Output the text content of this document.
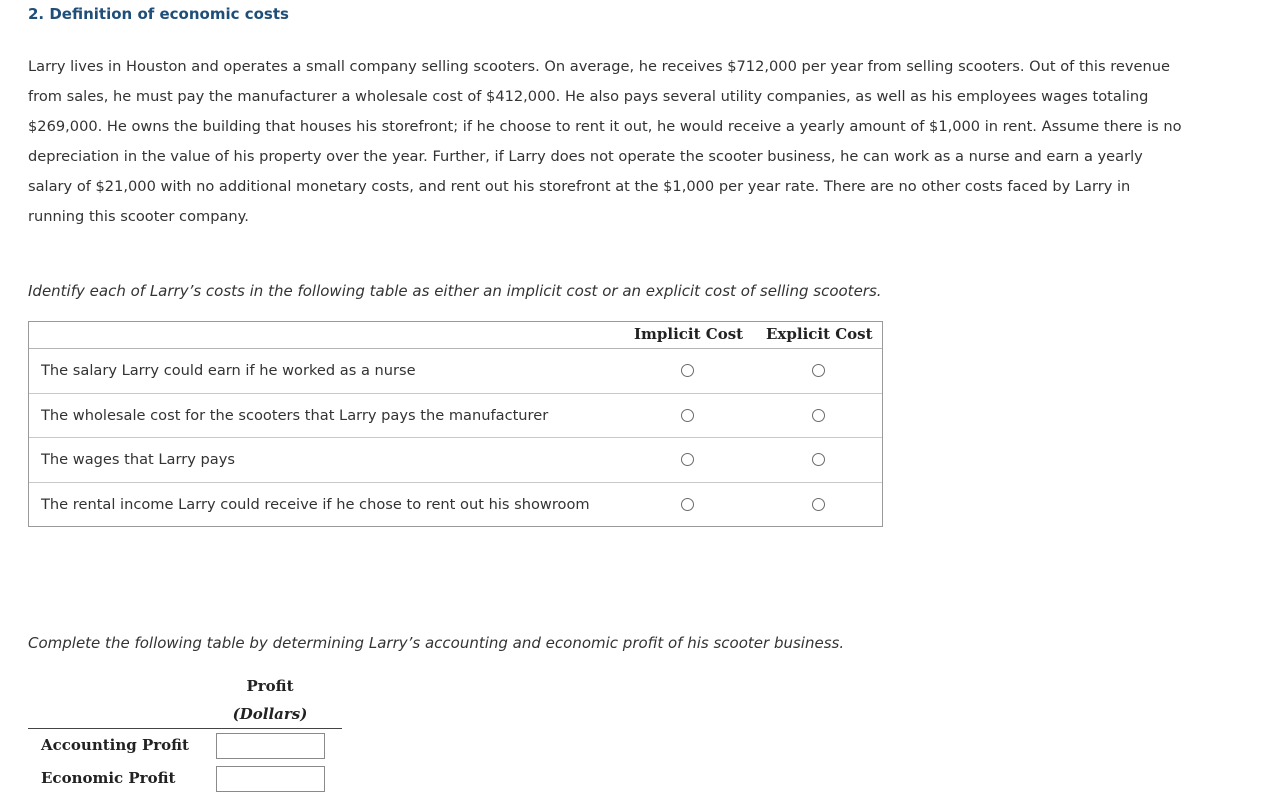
2. Definition of economic costs
Larry lives in Houston and operates a small company selling scooters. On average, he receives $712,000 per year from selling scooters. Out of this revenue from sales, he must pay the manufacturer a wholesale cost of $412,000. He also pays several utility companies, as well as his employees wages totaling $269,000. He owns the building that houses his storefront; if he choose to rent it out, he would receive a yearly amount of $1,000 in rent. Assume there is no depreciation in the value of his property over the year. Further, if Larry does not operate the scooter business, he can work as a nurse and earn a yearly salary of $21,000 with no additional monetary costs, and rent out his storefront at the $1,000 per year rate. There are no other costs faced by Larry in running this scooter company.
Identify each of Larry’s costs in the following table as either an implicit cost or an explicit cost of selling scooters.
Implicit Cost Explicit Cost
The salary Larry could earn if he worked as a nurse
The wholesale cost for the scooters that Larry pays the manufacturer
The wages that Larry pays
The rental income Larry could receive if he chose to rent out his showroom
Complete the following table by determining Larry’s accounting and economic profit of his scooter business.
Profit
(Dollars)
Accounting Profit
Economic Profit
